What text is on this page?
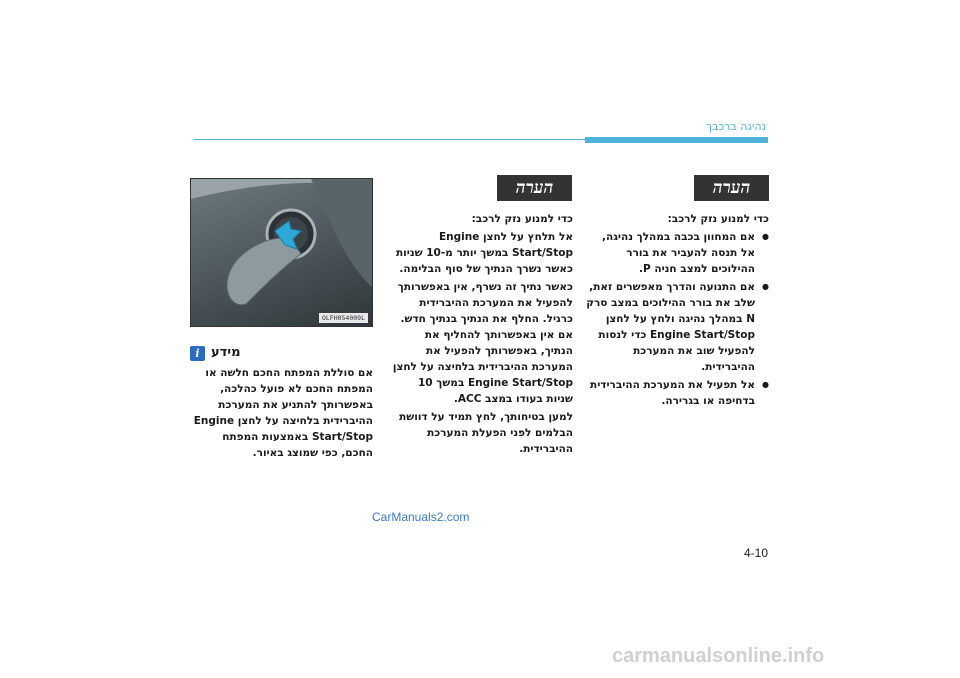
נהיגה ברכבך
הערה
הערה

כדי למנוע נזק לרכב:

● אם המחוון בכבה במהלך נהיגה, אל תנסה להעביר את בורר ההילוכים למצב חניה P.

● אם התנועה והדרך מאפשרים זאת, שלב את בורר ההילוכים במצב סרק N במהלך נהיגה ולחץ על לחצן Engine Start/Stop כדי לנסות להפעיל שוב את המערכת ההיברידית.

● אל תפעיל את המערכת ההיברידית בדחיפה או בגרירה.

כדי למנוע נזק לרכב:

אל תלחץ על לחצן Engine Start/Stop במשך יותר מ-10 שניות כאשר נשרך הנתיך של סוף הבלימה.

כאשר נתיך זה נשרף, אין באפשרותך להפעיל את המערכת ההיברידית כרגיל. החלף את הנתיך בנתיך חדש. אם אין באפשרותך להחליף את הנתיך, באפשרותך להפעיל את המערכת ההיברידית בלחיצה על לחצן Engine Start/Stop במשך 10 שניות בעודו במצב ACC.

למען בטיחותך, לחץ תמיד על דוושת הבלמים לפני הפעלת המערכת ההיברידית.

OLFH054009L
i מידע

אם סוללת המפתח החכם חלשה או המפתח החכם לא פועל כהלכה, באפשרותך להתניע את המערכת ההיברידית בלחיצה על לחצן Engine Start/Stop באמצעות המפתח החכם, כפי שמוצג באיור.

CarManuals2.com
4-10
carmanualsonline.info
